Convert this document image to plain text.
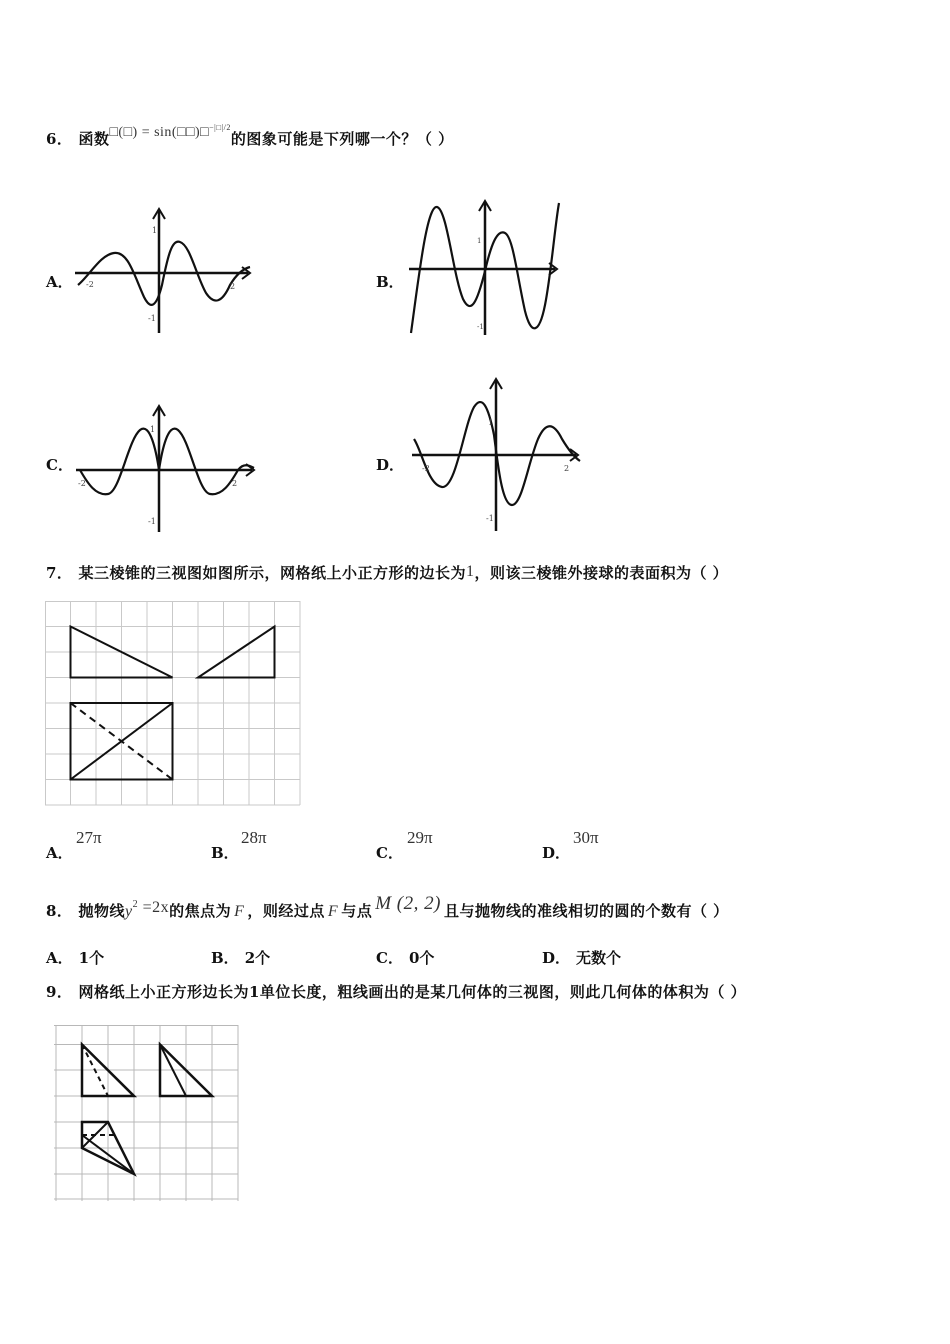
6． 函数□(□) = sin(□□)□$^{-|□|/2}$的图象可能是下列哪一个？（ ）
A． -2	2
1
-1
B．
1
-1
C．
-2	2
1
-1
D． -2	2
1
-1
7． 某三棱锥的三视图如图所示，网格纸上小正方形的边长为1，则该三棱锥外接球的表面积为（ ）
A．
27π
B．
28π
C．
29π
D．
30π
8． 抛物线$y^2 =2x$的焦点为 F ，则经过点 F 与点 M (2, 2) 且与抛物线的准线相切的圆的个数有（ ）
A． 1个	B． 2个	C． 0个	D． 无数个
9． 网格纸上小正方形边长为1单位长度，粗线画出的是某几何体的三视图，则此几何体的体积为（ ）
